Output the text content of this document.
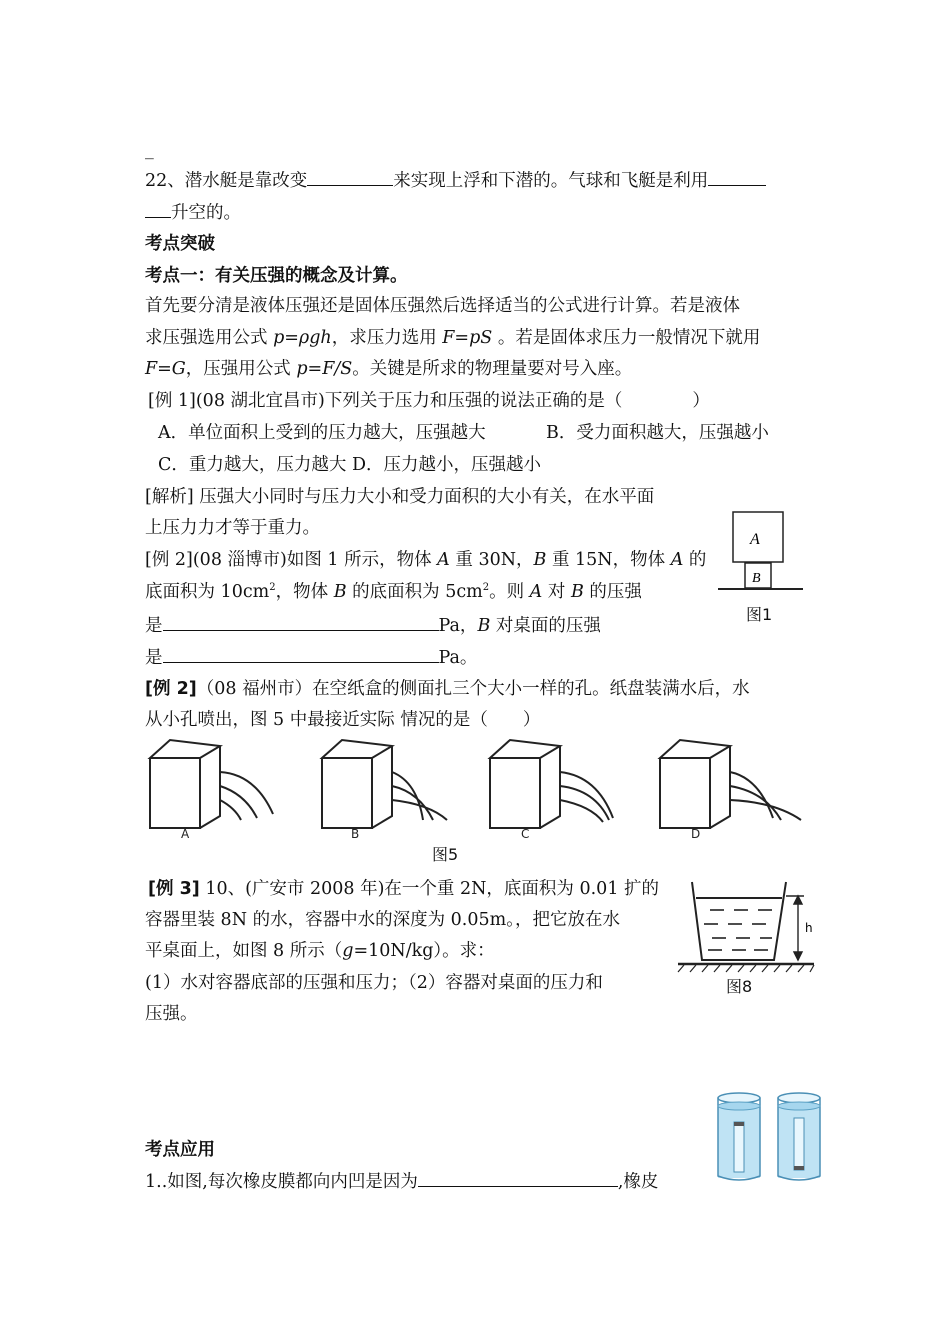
_
22、潜水艇是靠改变	来实现上浮和下潜的。气球和飞艇是利用
升空的。
考点突破
考点一：有关压强的概念及计算。
首先要分清是液体压强还是固体压强然后选择适当的公式进行计算。若是液体
求压强选用公式 p=ρgh，求压力选用 F=pS 。若是固体求压力一般情况下就用
F=G，压强用公式 p=F/S。关键是所求的物理量要对号入座。
[例 1](08 湖北宜昌市)下列关于压力和压强的说法正确的是（　　　　）
A．单位面积上受到的压力越大，压强越大	B．受力面积越大，压强越小
C．重力越大，压力越大 D．压力越小，压强越小
[解析] 压强大小同时与压力大小和受力面积的大小有关，在水平面
上压力力才等于重力。
[例 2](08 淄博市)如图 1 所示，物体 A 重 30N，B 重 15N，物体 A 的
底面积为 $10cm^2$，物体 B 的底面积为 $5cm^2$。则 A 对 B 的压强
是	Pa，B 对桌面的压强
是	Pa。
A
B
图1
[例 2]（08 福州市）在空纸盒的侧面扎三个大小一样的孔。纸盘装满水后，水
从小孔喷出，图 5 中最接近实际 情况的是（　　）
A	B	C	D
图5
[例 3] 10、(广安市 2008 年)在一个重 2N，底面积为 0.01 扩的
容器里装 8N 的水，容器中水的深度为 0.05m。，把它放在水
平桌面上，如图 8 所示（g=10N/kg）。求：
(1）水对容器底部的压强和压力；（2）容器对桌面的压力和
压强。
h
图8
考点应用
1..如图,每次橡皮膜都向内凹是因为	,橡皮
